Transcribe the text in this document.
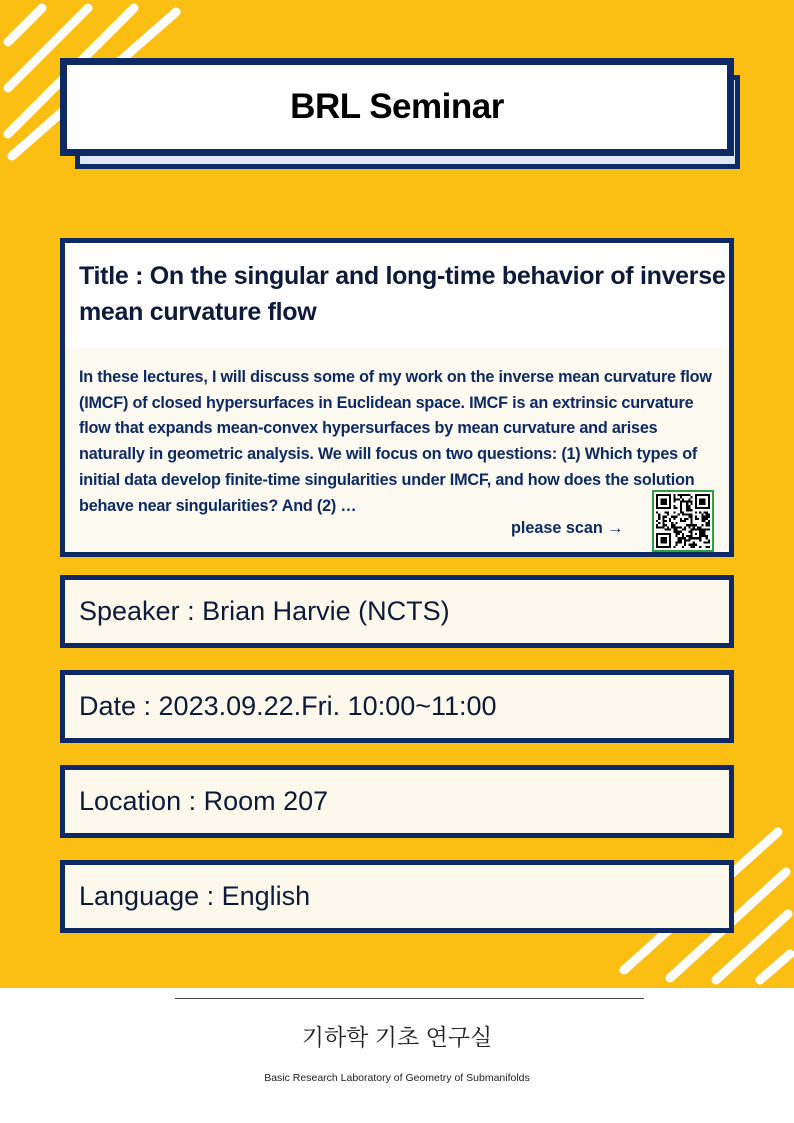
BRL Seminar

Title : On the singular and long-time behavior of inverse mean curvature flow

In these lectures, I will discuss some of my work on the inverse mean curvature flow (IMCF) of closed hypersurfaces in Euclidean space. IMCF is an extrinsic curvature flow that expands mean-convex hypersurfaces by mean curvature and arises naturally in geometric analysis. We will focus on two questions: (1) Which types of initial data develop finite-time singularities under IMCF, and how does the solution behave near singularities? And (2) …

please scan →
Speaker : Brian Harvie (NCTS)
Date : 2023.09.22.Fri. 10:00~11:00
Location : Room 207
Language : English
기하학 기초 연구실
Basic Research Laboratory of Geometry of Submanifolds
